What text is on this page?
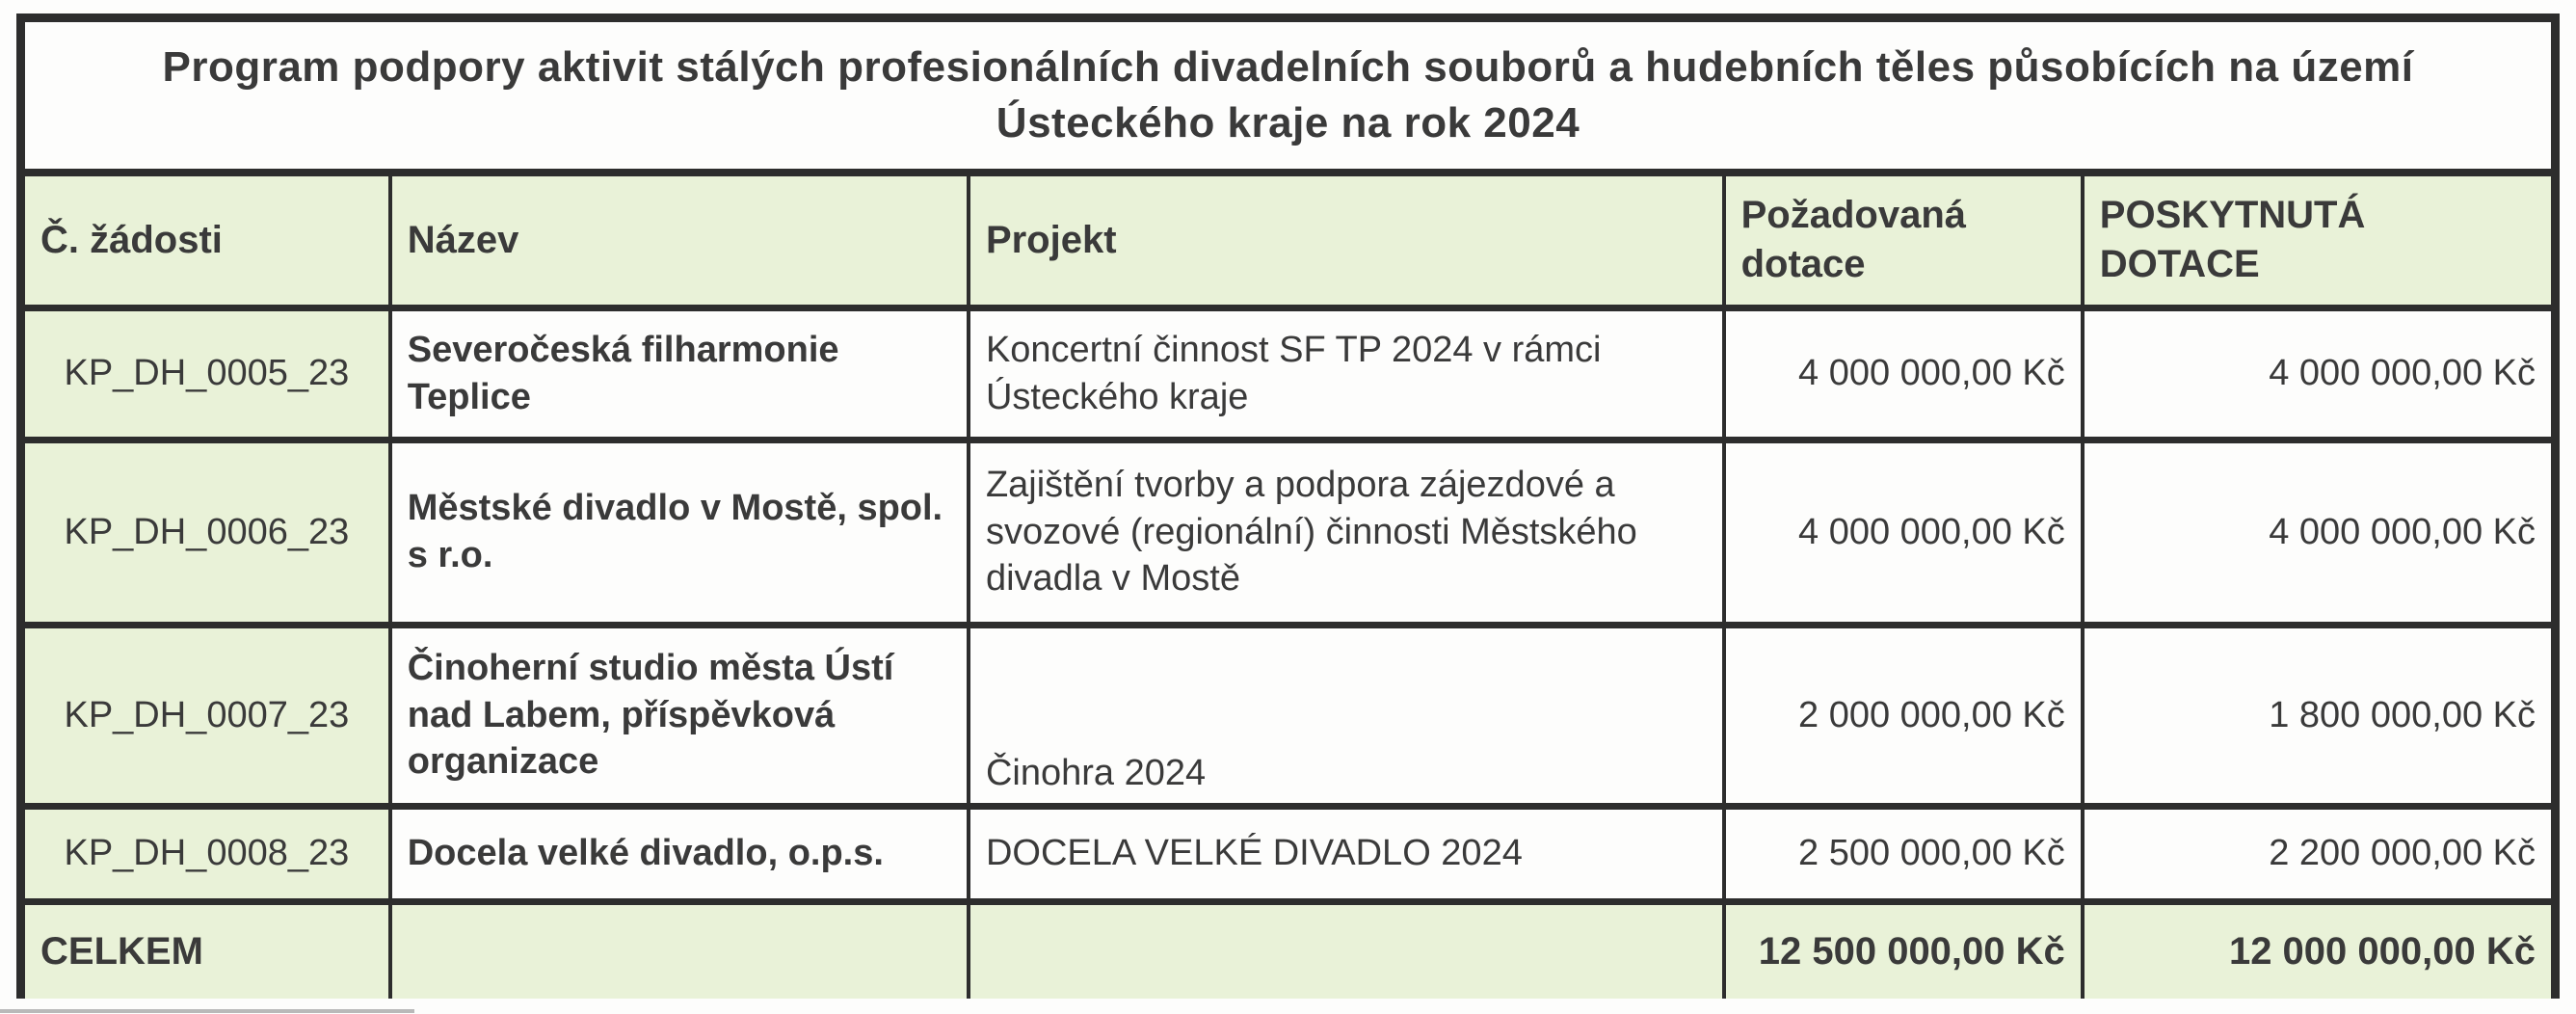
Program podpory aktivit stálých profesionálních divadelních souborů a hudebních těles působících na území
Ústeckého kraje na rok 2024
Č. žádosti	Název	Projekt	Požadovaná dotace	POSKYTNUTÁ DOTACE
KP_DH_0005_23	Severočeská filharmonie Teplice	Koncertní činnost SF TP 2024 v rámci Ústeckého kraje	4 000 000,00 Kč	4 000 000,00 Kč
KP_DH_0006_23	Městské divadlo v Mostě, spol. s r.o.	Zajištění tvorby a podpora zájezdové a svozové (regionální) činnosti Městského divadla v Mostě	4 000 000,00 Kč	4 000 000,00 Kč
KP_DH_0007_23	Činoherní studio města Ústí nad Labem, příspěvková organizace	Činohra 2024	2 000 000,00 Kč	1 800 000,00 Kč
KP_DH_0008_23	Docela velké divadlo, o.p.s.	DOCELA VELKÉ DIVADLO 2024	2 500 000,00 Kč	2 200 000,00 Kč
CELKEM			12 500 000,00 Kč	12 000 000,00 Kč
